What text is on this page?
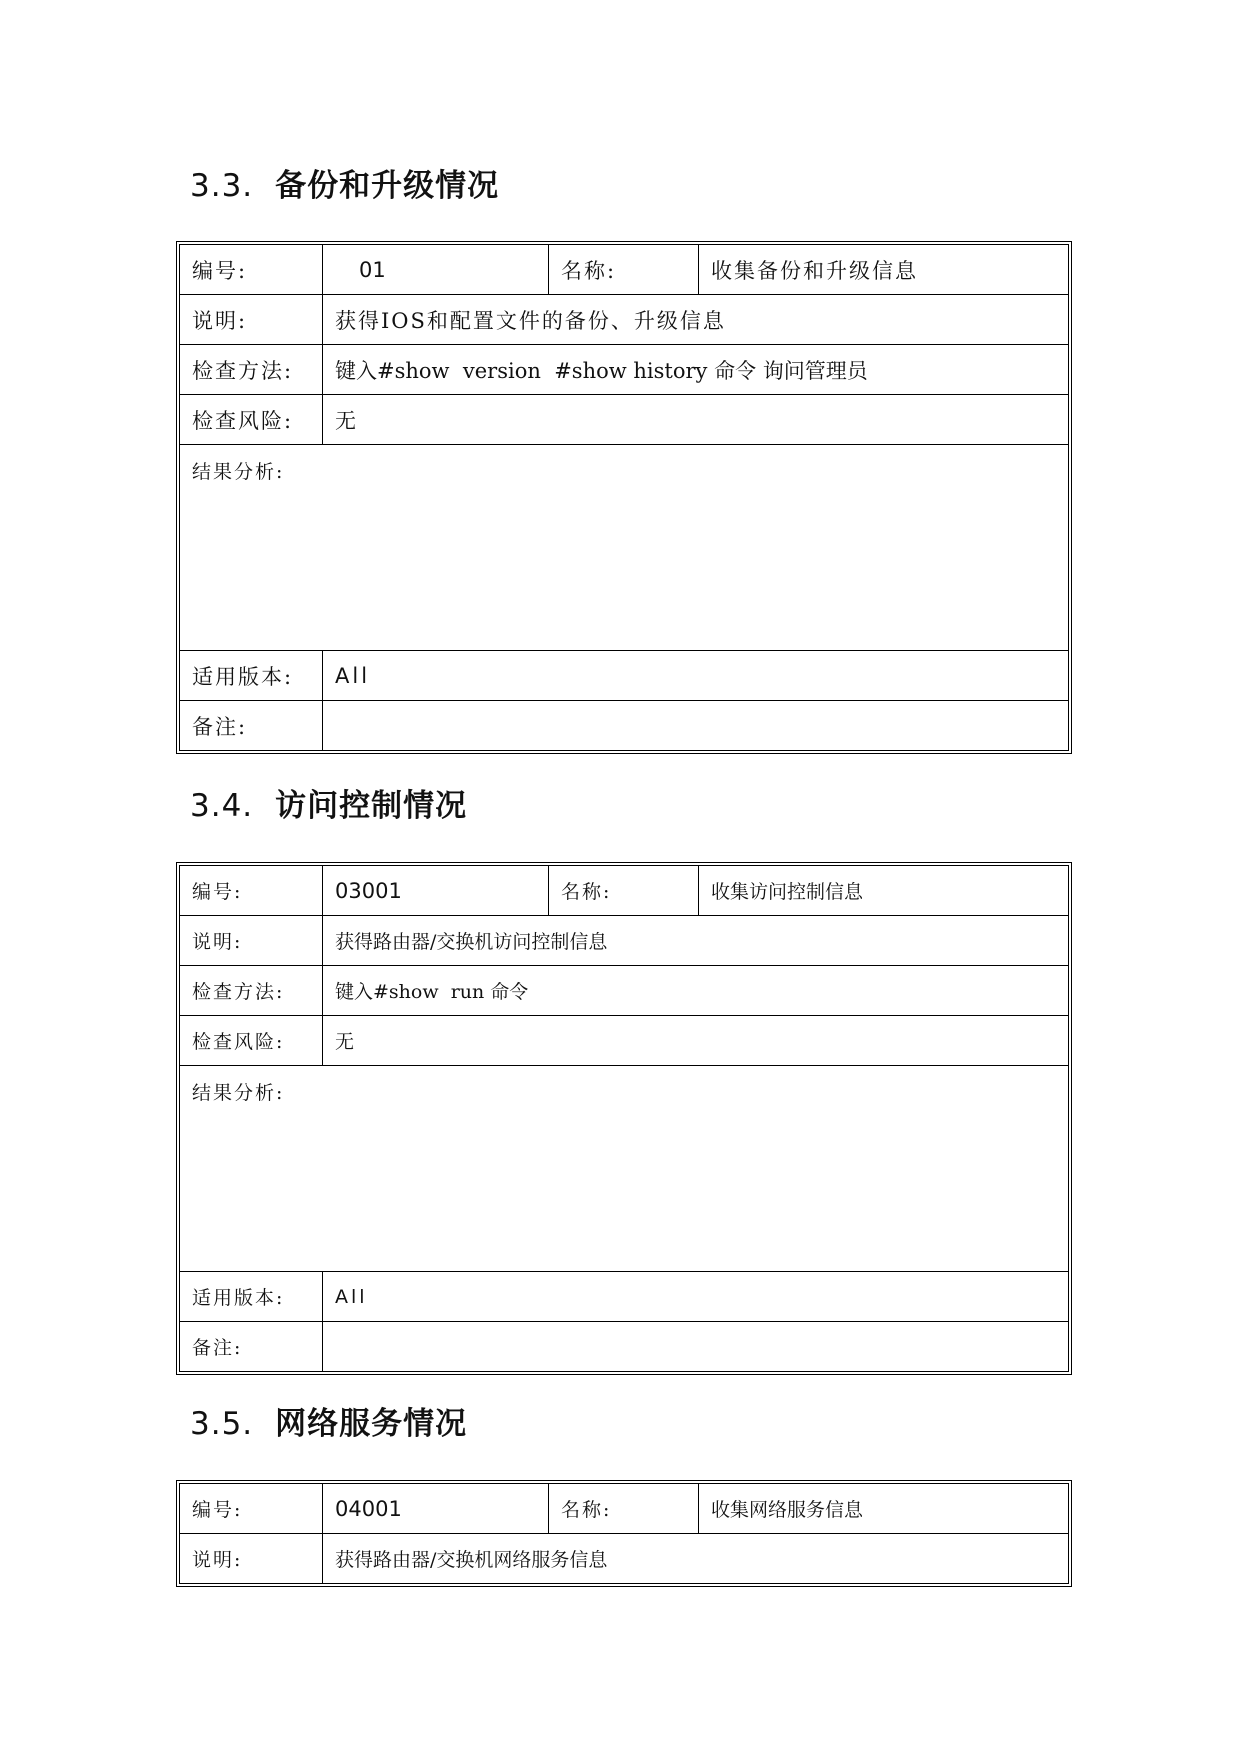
3.3. 备份和升级情况
编号:	01	名称:	收集备份和升级信息
说明:	获得IOS和配置文件的备份、升级信息		
检查方法:	键入#show  version  #show history 命令 询问管理员		
检查风险:	无		
结果分析:			
适用版本:	All		
备注:			
3.4. 访问控制情况
编号:	03001	名称:	收集访问控制信息
说明:	获得路由器/交换机访问控制信息		
检查方法:	键入#show  run 命令		
检查风险:	无		
结果分析:			
适用版本:	All		
备注:			
3.5. 网络服务情况
编号:	04001	名称:	收集网络服务信息
说明:	获得路由器/交换机网络服务信息		
